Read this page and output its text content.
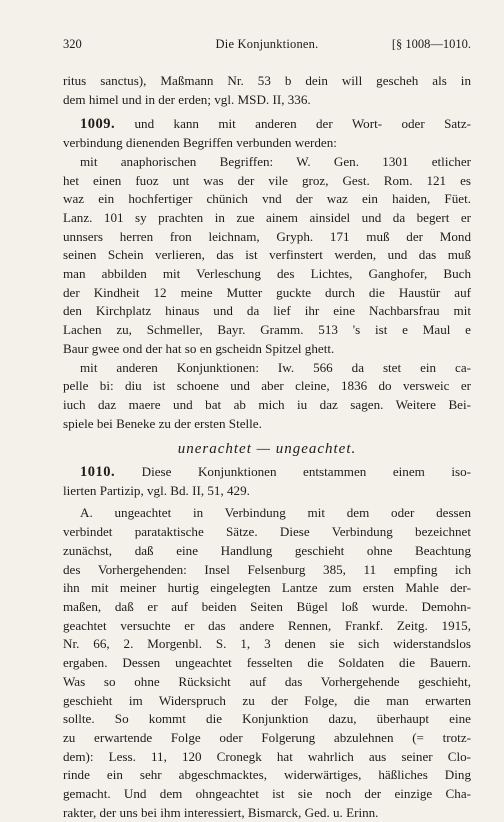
320	Die Konjunktionen.	[§ 1008—1010.
ritus sanctus), Maßmann Nr. 53 b dein will gescheh als in
dem himel und in der erden; vgl. MSD. II, 336.
1009. und kann mit anderen der Wort- oder Satz-
verbindung dienenden Begriffen verbunden werden:
mit anaphorischen Begriffen: W. Gen. 1301 etlicher
het einen fuoz unt was der vile groz, Gest. Rom. 121 es
waz ein hochfertiger chünich vnd der waz ein haiden, Füet.
Lanz. 101 sy prachten in zue ainem ainsidel und da begert er
unnsers herren fron leichnam, Gryph. 171 muß der Mond
seinen Schein verlieren, das ist verfinstert werden, und das muß
man abbilden mit Verleschung des Lichtes, Ganghofer, Buch
der Kindheit 12 meine Mutter guckte durch die Haustür auf
den Kirchplatz hinaus und da lief ihr eine Nachbarsfrau mit
Lachen zu, Schmeller, Bayr. Gramm. 513 's ist e Maul e
Baur gwee ond der hat so en gscheidn Spitzel ghett.
mit anderen Konjunktionen: Iw. 566 da stet ein ca-
pelle bi: diu ist schoene und aber cleine, 1836 do versweic er
iuch daz maere und bat ab mich iu daz sagen. Weitere Bei-
spiele bei Beneke zu der ersten Stelle.
unerachtet — ungeachtet.
1010. Diese Konjunktionen entstammen einem iso-
lierten Partizip, vgl. Bd. II, 51, 429.
A. ungeachtet in Verbindung mit dem oder dessen
verbindet parataktische Sätze. Diese Verbindung bezeichnet
zunächst, daß eine Handlung geschieht ohne Beachtung
des Vorhergehenden: Insel Felsenburg 385, 11 empfing ich
ihn mit meiner hurtig eingelegten Lantze zum ersten Mahle der-
maßen, daß er auf beiden Seiten Bügel loß wurde. Demohn-
geachtet versuchte er das andere Rennen, Frankf. Zeitg. 1915,
Nr. 66, 2. Morgenbl. S. 1, 3 denen sie sich widerstandslos
ergaben. Dessen ungeachtet fesselten die Soldaten die Bauern.
Was so ohne Rücksicht auf das Vorhergehende geschieht,
geschieht im Widerspruch zu der Folge, die man erwarten
sollte. So kommt die Konjunktion dazu, überhaupt eine
zu erwartende Folge oder Folgerung abzulehnen (= trotz-
dem): Less. 11, 120 Cronegk hat wahrlich aus seiner Clo-
rinde ein sehr abgeschmacktes, widerwärtiges, häßliches Ding
gemacht. Und dem ohngeachtet ist sie noch der einzige Cha-
rakter, der uns bei ihm interessiert, Bismarck, Ged. u. Erinn.
